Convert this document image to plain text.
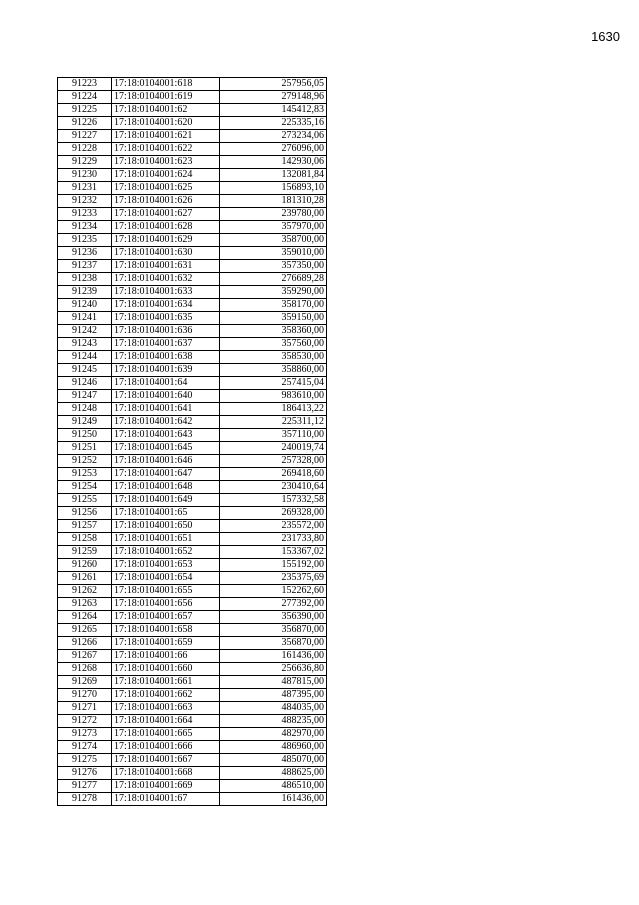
1630
91223	17:18:0104001:618	257956,05
91224	17:18:0104001:619	279148,96
91225	17:18:0104001:62	145412,83
91226	17:18:0104001:620	225335,16
91227	17:18:0104001:621	273234,06
91228	17:18:0104001:622	276096,00
91229	17:18:0104001:623	142930,06
91230	17:18:0104001:624	132081,84
91231	17:18:0104001:625	156893,10
91232	17:18:0104001:626	181310,28
91233	17:18:0104001:627	239780,00
91234	17:18:0104001:628	357970,00
91235	17:18:0104001:629	358700,00
91236	17:18:0104001:630	359010,00
91237	17:18:0104001:631	357350,00
91238	17:18:0104001:632	276689,28
91239	17:18:0104001:633	359290,00
91240	17:18:0104001:634	358170,00
91241	17:18:0104001:635	359150,00
91242	17:18:0104001:636	358360,00
91243	17:18:0104001:637	357560,00
91244	17:18:0104001:638	358530,00
91245	17:18:0104001:639	358860,00
91246	17:18:0104001:64	257415,04
91247	17:18:0104001:640	983610,00
91248	17:18:0104001:641	186413,22
91249	17:18:0104001:642	225311,12
91250	17:18:0104001:643	357110,00
91251	17:18:0104001:645	240019,74
91252	17:18:0104001:646	257328,00
91253	17:18:0104001:647	269418,60
91254	17:18:0104001:648	230410,64
91255	17:18:0104001:649	157332,58
91256	17:18:0104001:65	269328,00
91257	17:18:0104001:650	235572,00
91258	17:18:0104001:651	231733,80
91259	17:18:0104001:652	153367,02
91260	17:18:0104001:653	155192,00
91261	17:18:0104001:654	235375,69
91262	17:18:0104001:655	152262,60
91263	17:18:0104001:656	277392,00
91264	17:18:0104001:657	356390,00
91265	17:18:0104001:658	356870,00
91266	17:18:0104001:659	356870,00
91267	17:18:0104001:66	161436,00
91268	17:18:0104001:660	256636,80
91269	17:18:0104001:661	487815,00
91270	17:18:0104001:662	487395,00
91271	17:18:0104001:663	484035,00
91272	17:18:0104001:664	488235,00
91273	17:18:0104001:665	482970,00
91274	17:18:0104001:666	486960,00
91275	17:18:0104001:667	485070,00
91276	17:18:0104001:668	488625,00
91277	17:18:0104001:669	486510,00
91278	17:18:0104001:67	161436,00
